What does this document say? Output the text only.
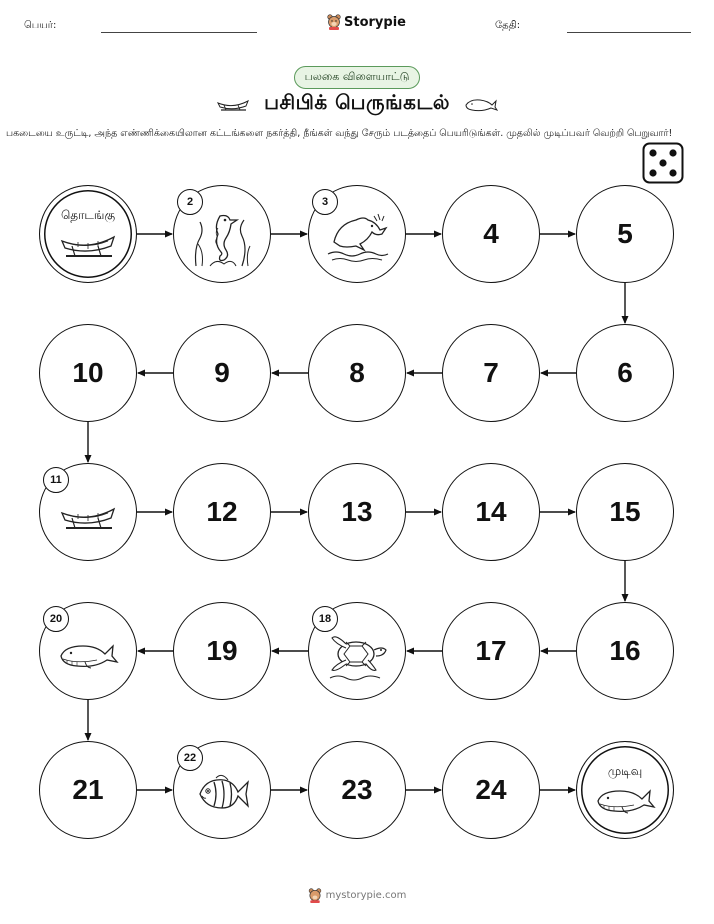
பெயர்:	Storypie	தேதி:
பலகை விளையாட்டு
பசிபிக் பெருங்கடல்
பகடையை உருட்டி, அந்த எண்ணிக்கையிலான கட்டங்களை நகர்த்தி, நீங்கள் வந்து சேரும் படத்தைப் பெயரிடுங்கள். முதலில் முடிப்பவர் வெற்றி பெறுவார்!
தொடங்கு
2	3
4	5
6
7
8
9
10
11
12	13	14	15
16
17
18
19
20
21
22
23	24
முடிவு
mystorypie.com
